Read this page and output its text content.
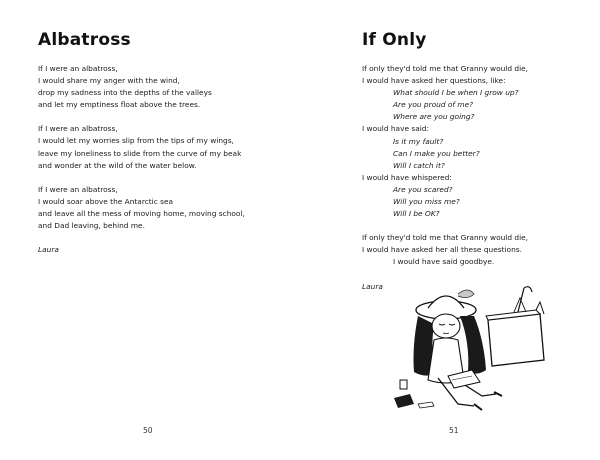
Albatross
If I were an albatross,
I would share my anger with the wind,
drop my sadness into the depths of the valleys
and let my emptiness float above the trees.
If I were an albatross,
I would let my worries slip from the tips of my wings,
leave my loneliness to slide from the curve of my beak
and wonder at the wild of the water below.
If I were an albatross,
I would soar above the Antarctic sea
and leave all the mess of moving home, moving school,
and Dad leaving, behind me.
Laura
50
If Only
If only they'd told me that Granny would die,
I would have asked her questions, like:
What should I be when I grow up?
Are you proud of me?
Where are you going?
I would have said:
Is it my fault?
Can I make you better?
Will I catch it?
I would have whispered:
Are you scared?
Will you miss me?
Will I be OK?
If only they'd told me that Granny would die,
I would have asked her all these questions.
I would have said goodbye.
Laura
51
